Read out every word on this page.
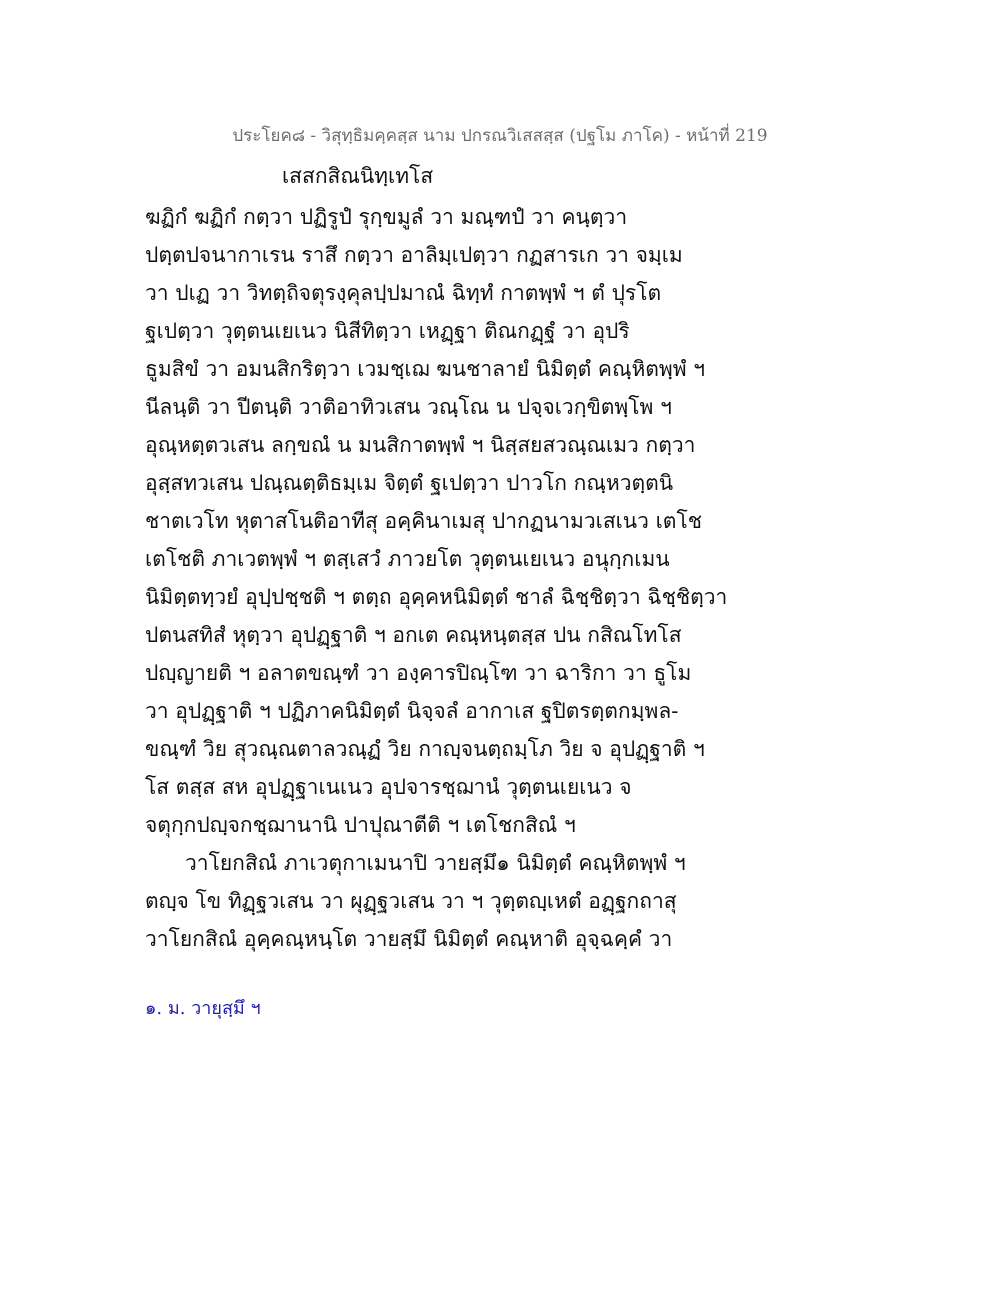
ประโยค๘ - วิสุทฺธิมคฺคสฺส นาม ปกรณวิเสสสฺส (ปฐโม ภาโค) - หน้าที่ 219
เสสกสิณนิทฺเทโส
ฆฏิกํ ฆฏิกํ กตฺวา ปฏิรูปํ รุกฺขมูลํ วา มณฺฑปํ วา คนฺตฺวา
ปตฺตปจนากาเรน ราสึ กตฺวา อาลิมฺเปตฺวา กฏสารเก วา จมฺเม
วา ปเฏ วา วิทตฺถิจตุรงฺคุลปฺปมาณํ ฉิทฺทํ กาตพฺพํ ฯ ตํ ปุรโต
ฐเปตฺวา วุตฺตนเยเนว นิสีทิตฺวา เหฏฺฐา ติณกฏฺฐํ วา อุปริ
ธูมสิขํ วา อมนสิกริตฺวา เวมชฺเฌ ฆนชาลายํ นิมิตฺตํ คณฺหิตพฺพํ ฯ
นีลนฺติ วา ปีตนฺติ วาติอาทิวเสน วณฺโณ น ปจฺจเวกฺขิตพฺโพ ฯ
อุณฺหตฺตวเสน ลกฺขณํ น มนสิกาตพฺพํ ฯ นิสฺสยสวณฺณเมว กตฺวา
อุสฺสทวเสน ปณฺณตฺติธมฺเม จิตฺตํ ฐเปตฺวา ปาวโก กณฺหวตฺตนิ
ชาตเวโท หุตาสโนติอาทีสุ อคฺคินาเมสุ ปากฏนามวเสเนว เตโช
เตโชติ ภาเวตพฺพํ ฯ ตสฺเสวํ ภาวยโต วุตฺตนเยเนว อนุกฺกเมน
นิมิตฺตทฺวยํ อุปฺปชฺชติ ฯ ตตฺถ อุคฺคหนิมิตฺตํ ชาลํ ฉิชฺชิตฺวา ฉิชฺชิตฺวา
ปตนสทิสํ หุตฺวา อุปฏฺฐาติ ฯ อกเต คณฺหนฺตสฺส ปน กสิณโทโส
ปญฺญายติ ฯ อลาตขณฺฑํ วา องฺคารปิณฺโฑ วา ฉาริกา วา ธูโม
วา อุปฏฺฐาติ ฯ ปฏิภาคนิมิตฺตํ นิจฺจลํ อากาเส ฐปิตรตฺตกมฺพล-
ขณฺฑํ วิย สุวณฺณตาลวณฺฏํ วิย กาญฺจนตฺถมฺโภ วิย จ อุปฏฺฐาติ ฯ
โส ตสฺส สห อุปฏฺฐาเนเนว อุปจารชฺฌานํ วุตฺตนเยเนว จ
จตุกฺกปญฺจกชฺฌานานิ ปาปุณาตีติ ฯ เตโชกสิณํ ฯ
วาโยกสิณํ ภาเวตุกาเมนาปิ วายสฺมึ๑ นิมิตฺตํ คณฺหิตพฺพํ ฯ
ตญฺจ โข ทิฏฺฐวเสน วา ผุฏฺฐวเสน วา ฯ วุตฺตญฺเหตํ อฏฺฐกถาสุ
วาโยกสิณํ อุคฺคณฺหนฺโต วายสฺมึ นิมิตฺตํ คณฺหาติ อุจฺฉคฺคํ วา
๑. ม. วายุสฺมึ ฯ
